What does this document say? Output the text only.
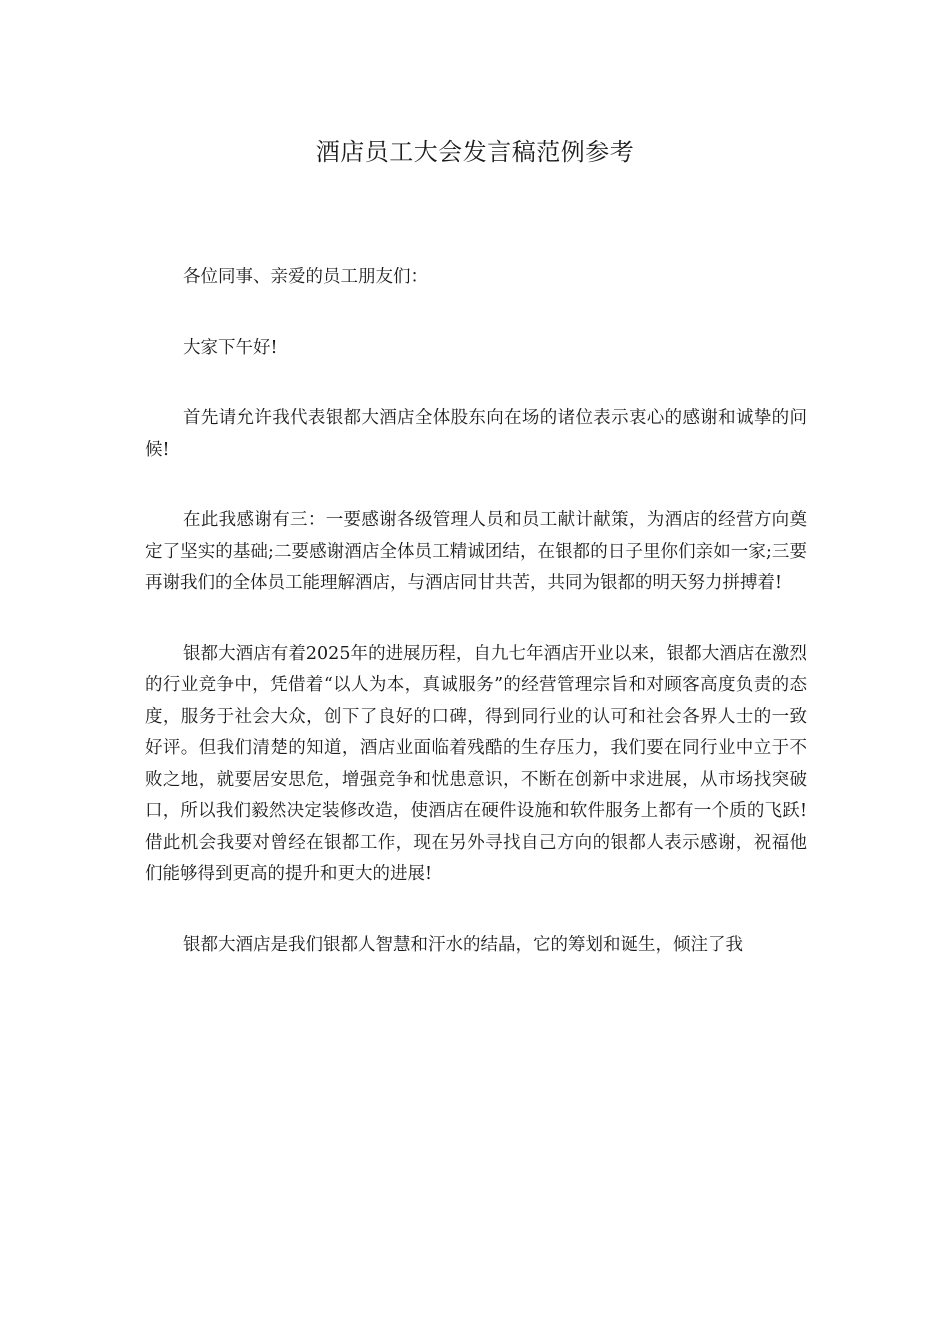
酒店员工大会发言稿范例参考

各位同事、亲爱的员工朋友们：

大家下午好!

首先请允许我代表银都大酒店全体股东向在场的诸位表示衷心的感谢和诚挚的问候!

在此我感谢有三：一要感谢各级管理人员和员工献计献策，为酒店的经营方向奠定了坚实的基础;二要感谢酒店全体员工精诚团结，在银都的日子里你们亲如一家;三要再谢我们的全体员工能理解酒店，与酒店同甘共苦，共同为银都的明天努力拼搏着!

银都大酒店有着2025年的进展历程，自九七年酒店开业以来，银都大酒店在激烈的行业竞争中，凭借着“以人为本，真诚服务”的经营管理宗旨和对顾客高度负责的态度，服务于社会大众，创下了良好的口碑，得到同行业的认可和社会各界人士的一致好评。但我们清楚的知道，酒店业面临着残酷的生存压力，我们要在同行业中立于不败之地，就要居安思危，增强竞争和忧患意识，不断在创新中求进展，从市场找突破口，所以我们毅然决定装修改造，使酒店在硬件设施和软件服务上都有一个质的飞跃!借此机会我要对曾经在银都工作，现在另外寻找自己方向的银都人表示感谢，祝福他们能够得到更高的提升和更大的进展!

银都大酒店是我们银都人智慧和汗水的结晶，它的筹划和诞生，倾注了我
